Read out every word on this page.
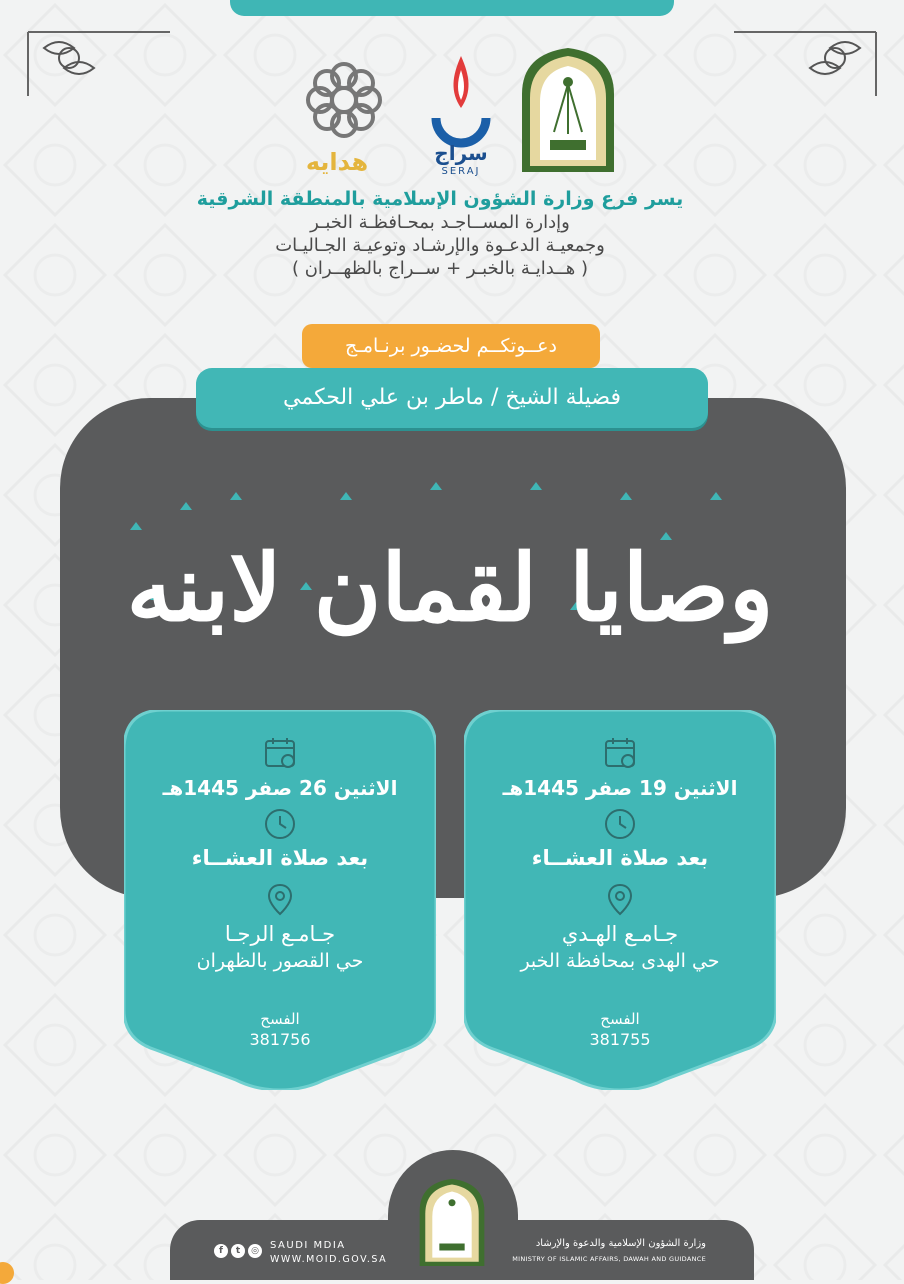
هدايه	سراج
SERAJ
يسر فرع وزارة الشؤون الإسلامية بالمنطقة الشرقية
وإدارة المســاجـد بمحـافظـة الخبـر
وجمعيـة الدعـوة والإرشـاد وتوعيـة الجـاليـات
( هــدايـة بالخبـر + ســراج بالظهــران )
دعــوتكــم لحضـور برنـامـج
فضيلة الشيخ / ماطر بن علي الحكمي
وصايا لقمان لابنه
الاثنين 19 صفر 1445هـ
بعد صلاة العشــاء
جـامـع الهـدي
حي الهدى بمحافظة الخبر
الفسح
381755
الاثنين 26 صفر 1445هـ
بعد صلاة العشــاء
جـامـع الرجـا
حي القصور بالظهران
الفسح
381756
f	t	◎	SAUDI MDIA
WWW.MOID.GOV.SA
وزارة الشؤون الإسلامية والدعوة والإرشاد
MINISTRY OF ISLAMIC AFFAIRS, DAWAH AND GUIDANCE
